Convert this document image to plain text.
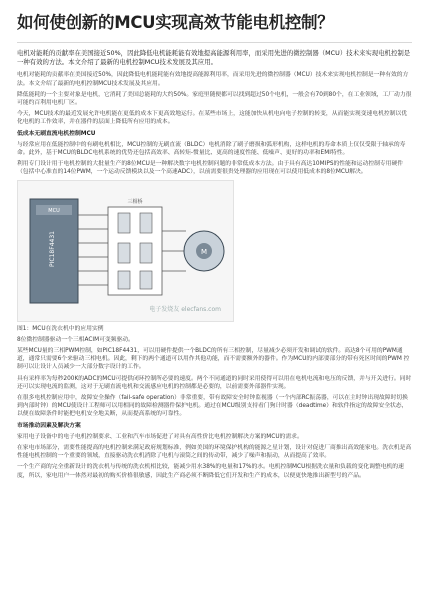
如何使创新的MCU实现高效节能电机控制？

电机对能耗的贡献率在美国接近50%，因此降低电机能耗能有效地提高能源利用率，而采用先进的微控制器（MCU）技术来实现电机控制是一种有效的方法。本文介绍了最新的电机控制MCU技术发展及其应用。

电机对能耗的贡献率在美国接近50%，因此降低电机能耗能有效地提高能源利用率，而采用先进的微控制器（MCU）技术来实现电机控制是一种有效的方法。本文介绍了最新的电机控制MCU技术发展及其应用。

降低能耗的一个主要对象是电机，它消耗了美国总能耗的大约50%。家庭里随便都可以找到超过50个电机，一般会有70到80个，在工业领域，工厂动力很可能约百利用电机厂区。

今天，MCU技术的最近发展允许电机能在更低的成本下更高效地运行。在某些市场上，这能加快从机电向电子控制的转变，从而能实现变速电机控制以优化电机的工作效率，并在器件的层面上降低所有应用的成本。

低成本无刷直流电机控制MCU

与经常应用在低能控制中的有刷电机相比，MCU控制的无刷直流（BLDC）电机消除了刷子磨损和弧形机构，这样电机的寿命本质上仅仅受限于轴承的寿命。此外，基于MCU的BLDC电机系统的优势还包括高效率、高转矩-惯量比、更高的速度性能、低噪声、更好的功率和EMI特性。

利用专门设计用于电机控制的大批量生产的8位MCU是一种解决数字电机控制问题的非常低成本方法。由于具有高达10MIPS的性能和运动控制专用硬件（包括中心准直的14位PWM，一个运动反馈模块以及一个高速ADC），以前需要很贵处理器的应用现在可以使用低成本的8位MCU解决。

PIC18F4431
MCU
三相桥
M
电子发烧友 elecfans.com

图1：MCU在洗衣机中的应用实例

8位微控制器驱动一个三相ACIM可变频驱动。

某些MCU量的三相PWM控制，如PIC18F4431，可以用硬件提供一个BLDC的所有三相控制，尽量减少必须开发和调试的软件。高达8个可用的PWM通道，通常只需要6个来驱动三相电机。因此，剩下的两个通道可以用作其他功能，而不需要额外的器件。作为MCU的内部要部分的带有死区时间的PWM 控制可以让设计人员减少一大部分数字设计的工作。

具有采样率为每秒200K的ADC的MCU可提供闭环控制所必要的速度。两个不同通道的同时采用使得可以用在电机电流和电压的反馈，并与开关进行。同时还可以实现电流的监测，这对于无刷直流电机和交流感应电机的控制都是必要的，以前需要外部器件实现。

在很多电机控制应用中，故障安全操作（fail-safe operation）非常重要，带有故障安全时钟监视器（一个内部RC振荡器，可以在主时钟出现故障时切换到内部时钟）的MCU使设计工程师可以用相同的故障检测器件保护电机。通过在MCU级别支持看门狗计时器（deadtime）和软件指定的故障安全状态，以便在故障条件时能把电机安全地关断，从而提高系统的可靠性。

市场推动因素及解决方案

家用电子设备中的电子电机控制要求、工业和汽车市场促进了对具有高性价比电机控制解决方案的MCU的需求。

在家电市场部分，需要性能提高的电机控制来满足政府规划标准，例如美国的环境保护机构的能源之星计划，设计对促进厂商推出高效能家电。洗衣机是高性能电机控制的一个重要的领域，直接驱动洗衣机消除了电机与滚筒之间的传动带，减少了噪声和振动，从而提高了效率。

一个生产商的完全重新设计的洗衣机与传统的洗衣机相比较，能减少用水38%的电量和17%的水。电机控制MCU根据洗衣量和负载的变化调整电机的速度，所以，家电用户一体然对最初的购买价格很敏感，因此生产商必须不断降低它们开发和生产的成本，以便更快地推出新型号的产品。
